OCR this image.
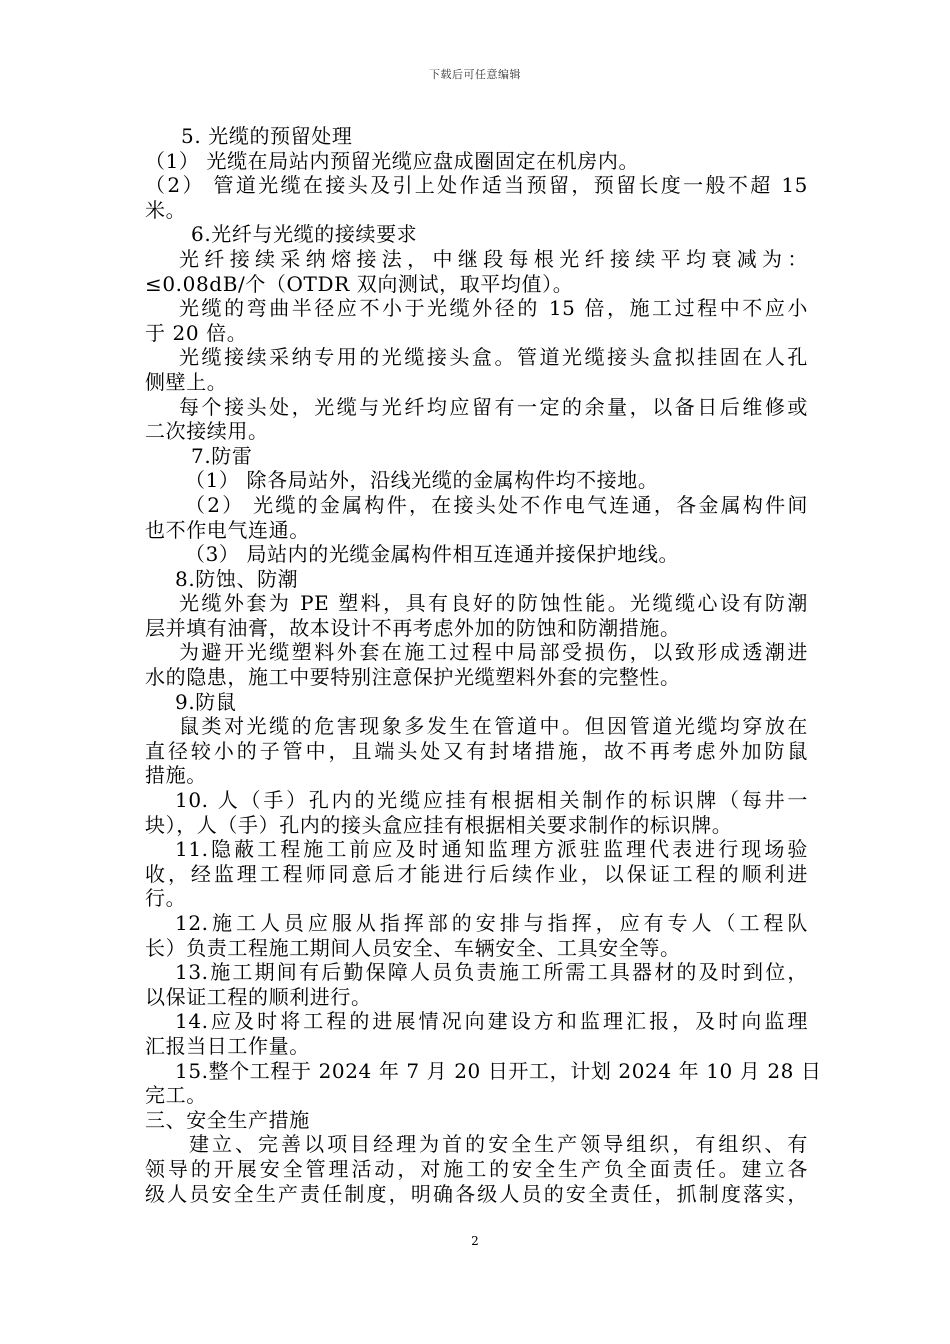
下载后可任意编辑
5. 光缆的预留处理
（1） 光缆在局站内预留光缆应盘成圈固定在机房内。
（2） 管道光缆在接头及引上处作适当预留，预留长度一般不超 15
米。
6.光纤与光缆的接续要求
光纤接续采纳熔接法，中继段每根光纤接续平均衰减为：
≤0.08dB/个（OTDR 双向测试，取平均值）。
光缆的弯曲半径应不小于光缆外径的 15 倍，施工过程中不应小
于 20 倍。
光缆接续采纳专用的光缆接头盒。管道光缆接头盒拟挂固在人孔
侧壁上。
每个接头处，光缆与光纤均应留有一定的余量，以备日后维修或
二次接续用。
7.防雷
（1） 除各局站外，沿线光缆的金属构件均不接地。
（2） 光缆的金属构件，在接头处不作电气连通，各金属构件间
也不作电气连通。
（3） 局站内的光缆金属构件相互连通并接保护地线。
8.防蚀、防潮
光缆外套为 PE 塑料，具有良好的防蚀性能。光缆缆心设有防潮
层并填有油膏，故本设计不再考虑外加的防蚀和防潮措施。
为避开光缆塑料外套在施工过程中局部受损伤，以致形成透潮进
水的隐患，施工中要特别注意保护光缆塑料外套的完整性。
9.防鼠
鼠类对光缆的危害现象多发生在管道中。但因管道光缆均穿放在
直径较小的子管中，且端头处又有封堵措施，故不再考虑外加防鼠
措施。
10. 人（手）孔内的光缆应挂有根据相关制作的标识牌（每井一
块），人（手）孔内的接头盒应挂有根据相关要求制作的标识牌。
11.隐蔽工程施工前应及时通知监理方派驻监理代表进行现场验
收，经监理工程师同意后才能进行后续作业，以保证工程的顺利进
行。
12.施工人员应服从指挥部的安排与指挥，应有专人（工程队
长）负责工程施工期间人员安全、车辆安全、工具安全等。
13.施工期间有后勤保障人员负责施工所需工具器材的及时到位，
以保证工程的顺利进行。
14.应及时将工程的进展情况向建设方和监理汇报，及时向监理
汇报当日工作量。
15.整个工程于 2024 年 7 月 20 日开工，计划 2024 年 10 月 28 日
完工。
三、安全生产措施
建立、完善以项目经理为首的安全生产领导组织，有组织、有
领导的开展安全管理活动，对施工的安全生产负全面责任。建立各
级人员安全生产责任制度，明确各级人员的安全责任，抓制度落实，
2
